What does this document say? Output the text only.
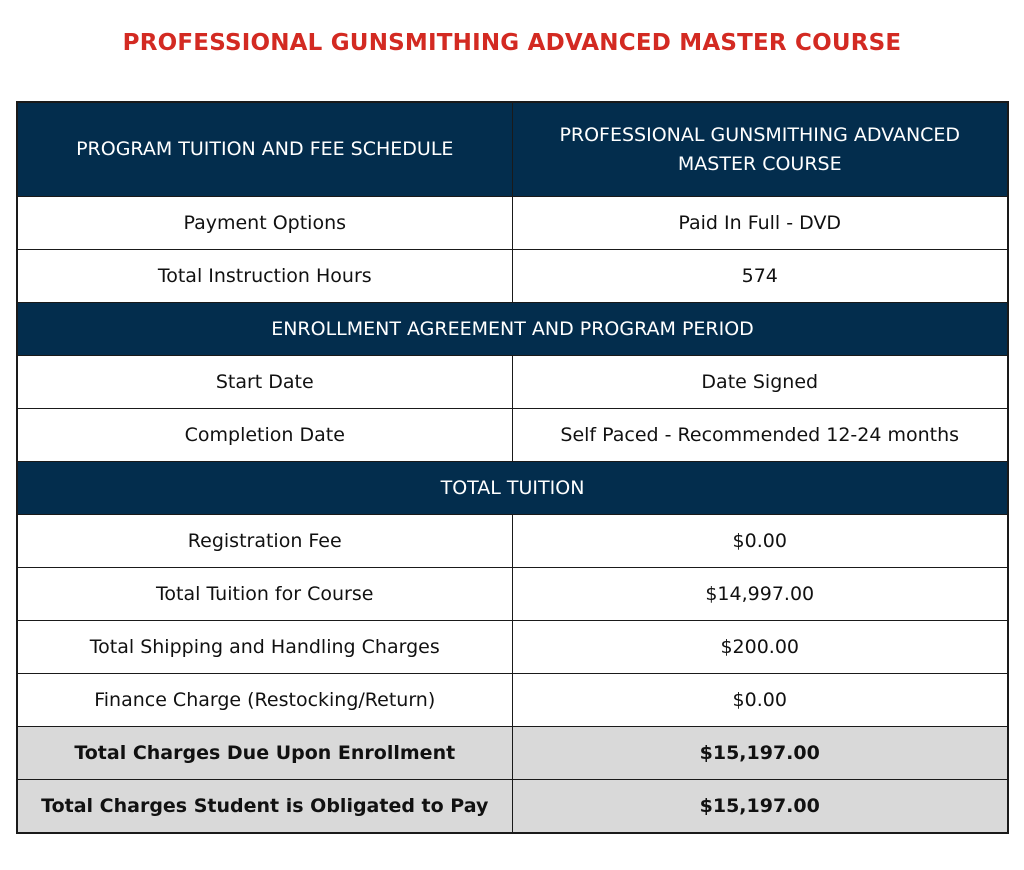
PROFESSIONAL GUNSMITHING ADVANCED MASTER COURSE
PROGRAM TUITION AND FEE SCHEDULE	PROFESSIONAL GUNSMITHING ADVANCED MASTER COURSE
Payment Options	Paid In Full - DVD
Total Instruction Hours	574
ENROLLMENT AGREEMENT AND PROGRAM PERIOD	
Start Date	Date Signed
Completion Date	Self Paced - Recommended 12-24 months
TOTAL TUITION	
Registration Fee	$0.00
Total Tuition for Course	$14,997.00
Total Shipping and Handling Charges	$200.00
Finance Charge (Restocking/Return)	$0.00
Total Charges Due Upon Enrollment	$15,197.00
Total Charges Student is Obligated to Pay	$15,197.00
